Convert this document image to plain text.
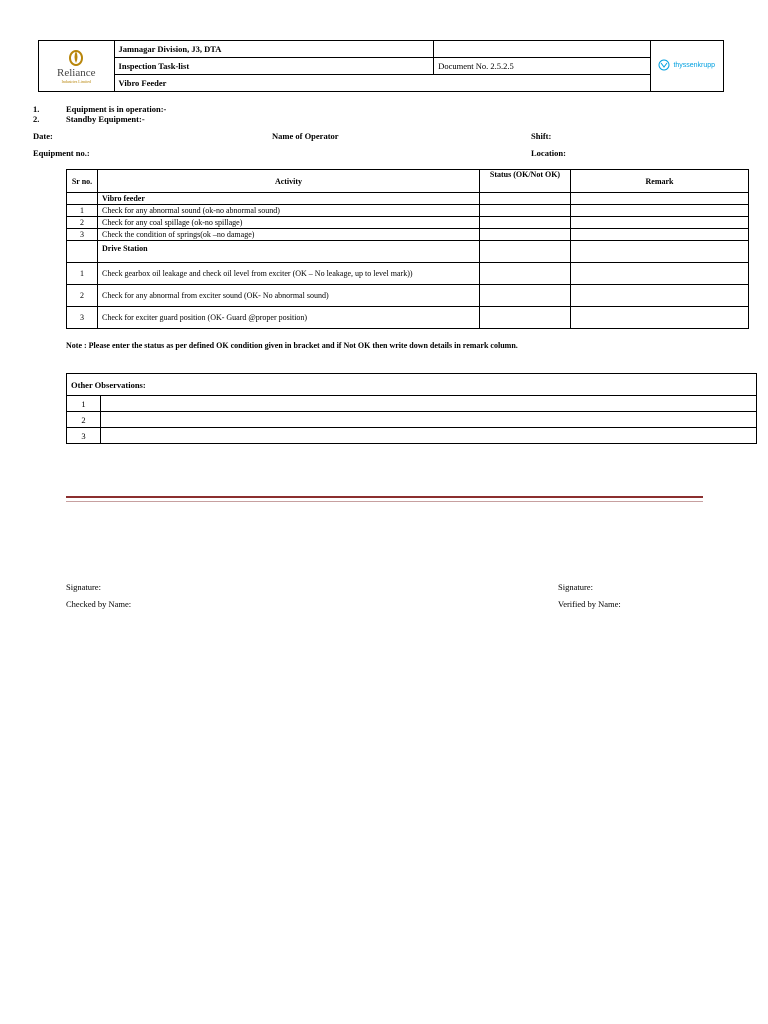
Reliance
Industries Limited	Jamnagar Division, J3, DTA		thyssenkrupp

	Inspection Task-list	Document No. 2.5.2.5	
	Vibro Feeder		
1.	Equipment is in operation:-
2.	Standby Equipment:-
Date:	Name of Operator	Shift:
Equipment no.:	Location:
Sr no.	Activity	Status (OK/Not OK)	Remark
	Vibro feeder		
1	Check for any abnormal sound (ok-no abnormal sound)		
2	Check for any coal spillage (ok-no spillage)		
3	Check the condition of springs(ok –no damage)		
	Drive Station		
1	Check gearbox oil leakage and check oil level from exciter (OK – No leakage, up to level mark))		
2	Check for any abnormal from exciter sound (OK- No abnormal sound)		
3	Check for exciter guard position (OK- Guard @proper position)		
Note : Please enter the status as per defined OK condition given in bracket and if Not OK then write down details in remark column.
Other Observations:	
1	
2	
3	
Signature:
Checked by Name:
Signature:
Verified by Name:
